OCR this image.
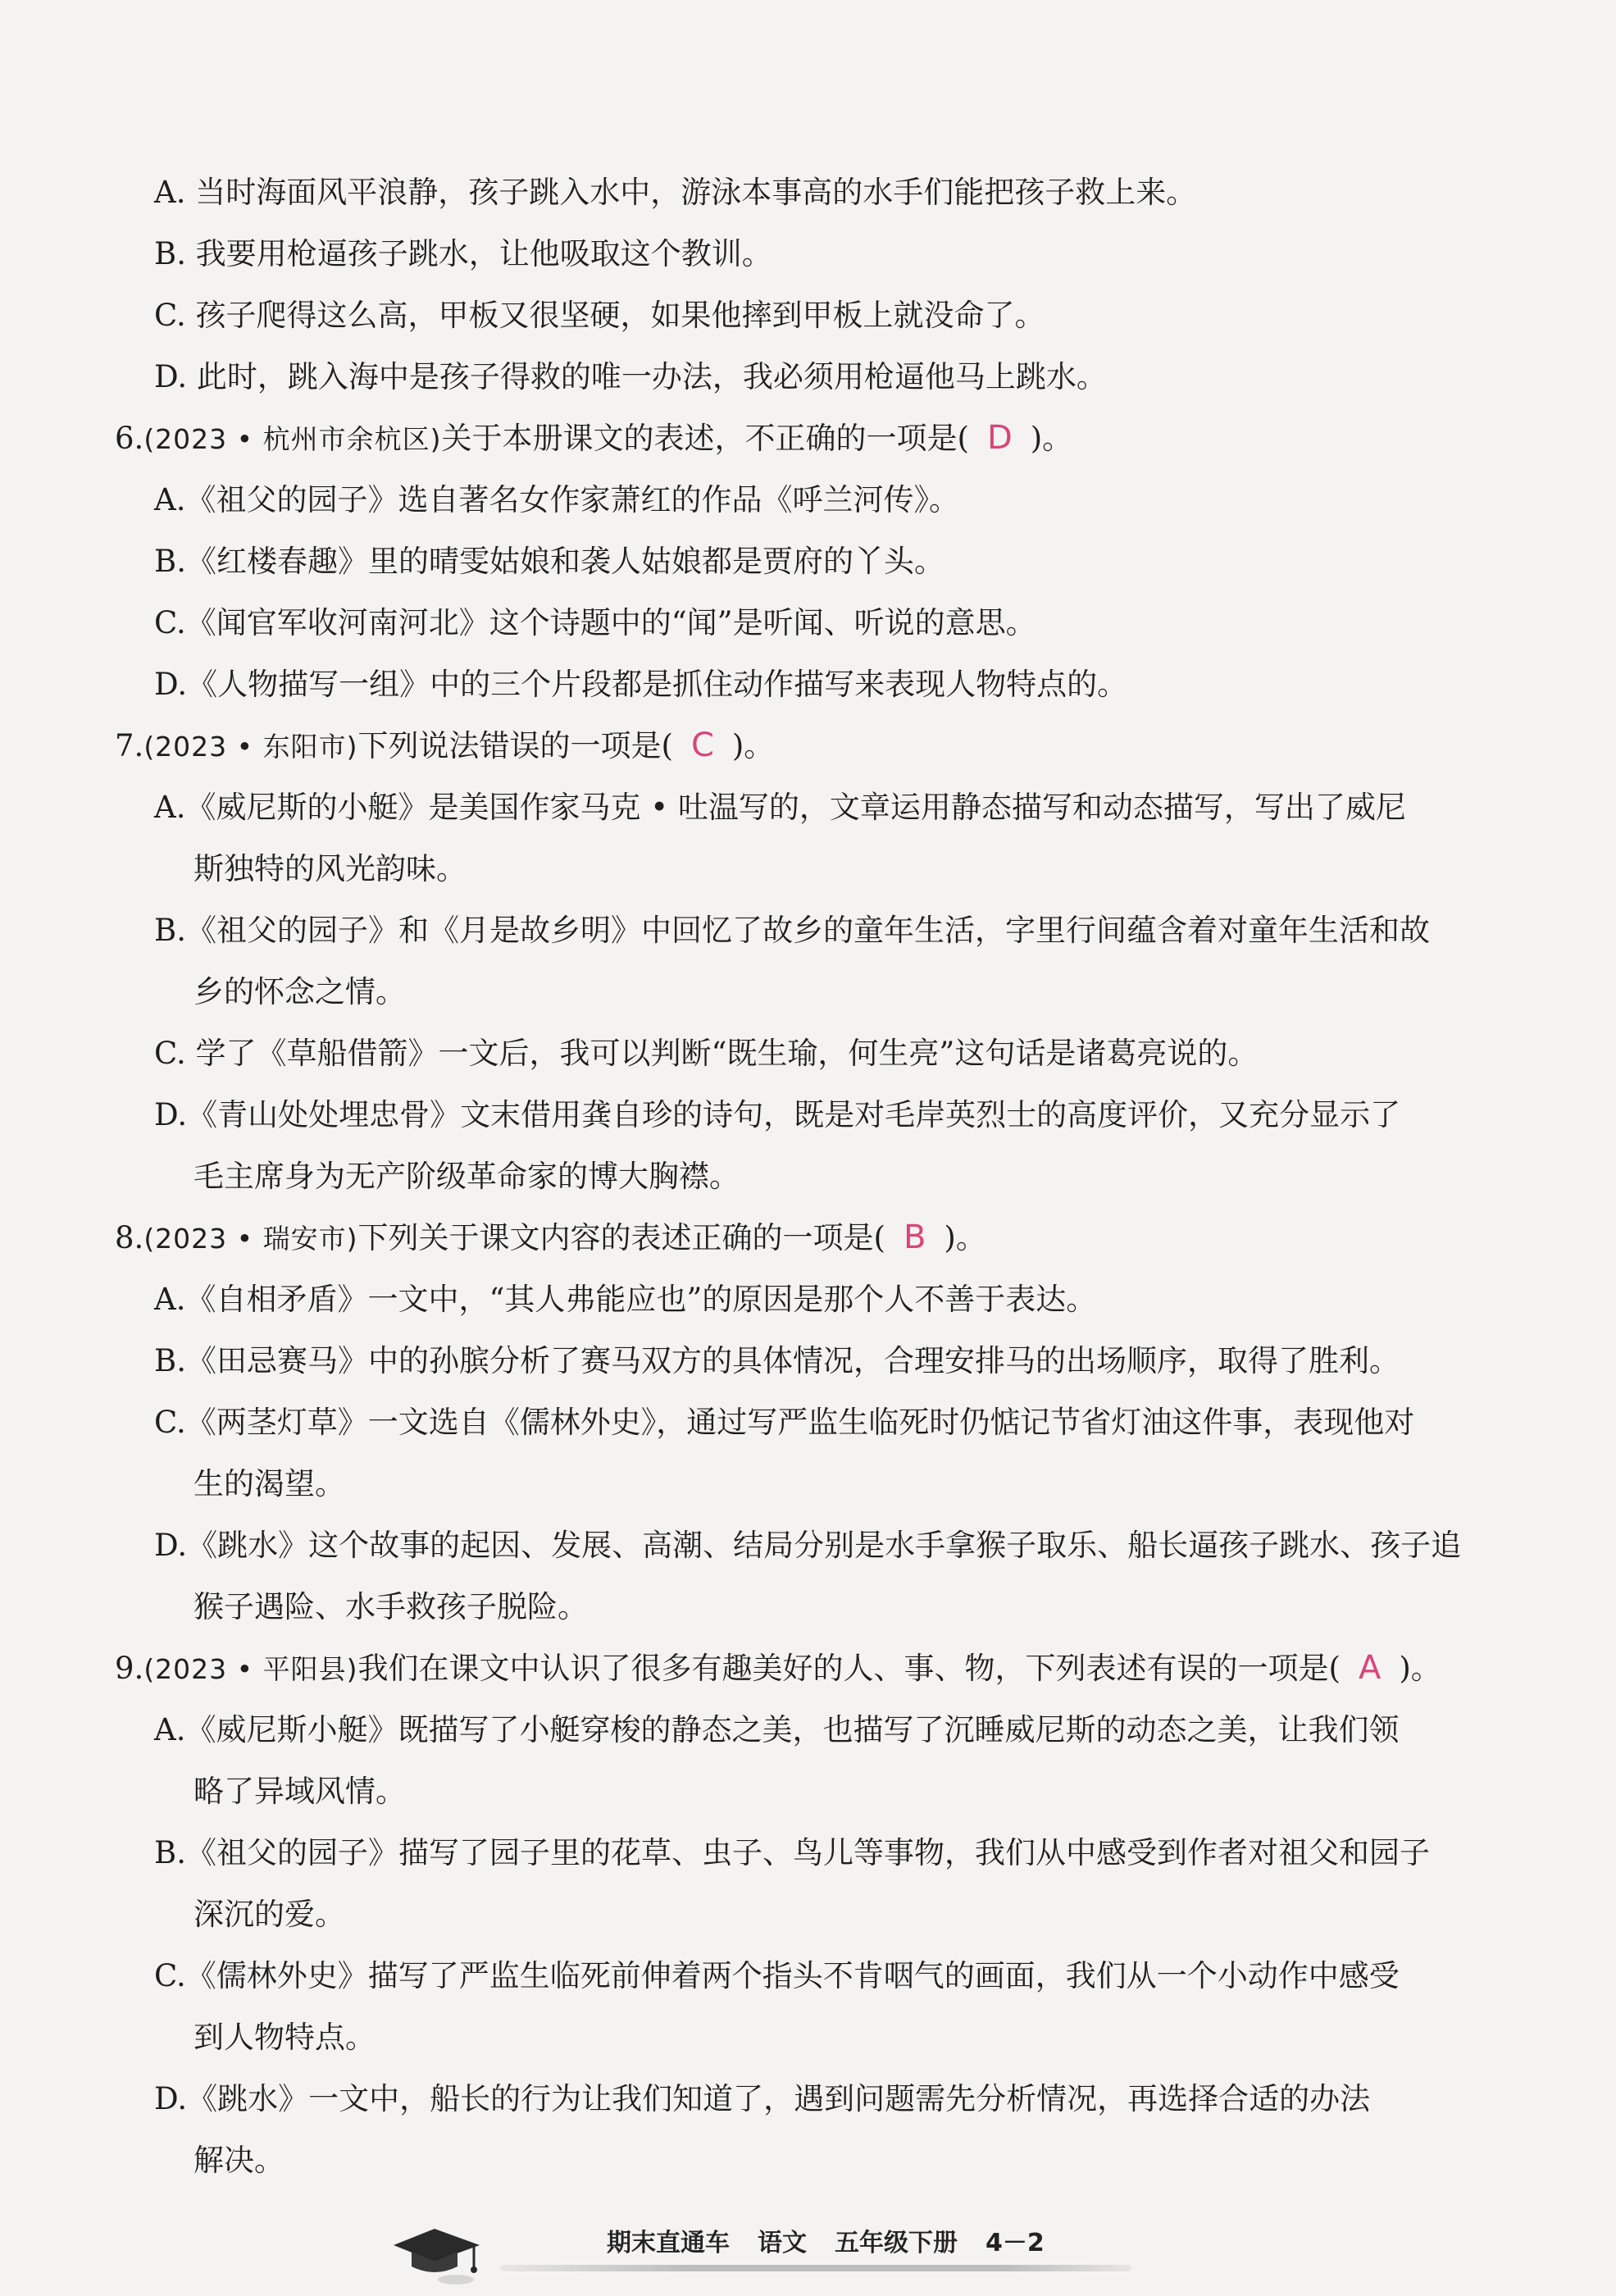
A. 当时海面风平浪静，孩子跳入水中，游泳本事高的水手们能把孩子救上来。
B. 我要用枪逼孩子跳水，让他吸取这个教训。
C. 孩子爬得这么高，甲板又很坚硬，如果他摔到甲板上就没命了。
D. 此时，跳入海中是孩子得救的唯一办法，我必须用枪逼他马上跳水。
6.(2023 • 杭州市余杭区)关于本册课文的表述，不正确的一项是( D )。
A.《祖父的园子》选自著名女作家萧红的作品《呼兰河传》。
B.《红楼春趣》里的晴雯姑娘和袭人姑娘都是贾府的丫头。
C.《闻官军收河南河北》这个诗题中的“闻”是听闻、听说的意思。
D.《人物描写一组》中的三个片段都是抓住动作描写来表现人物特点的。
7.(2023 • 东阳市)下列说法错误的一项是( C )。
A.《威尼斯的小艇》是美国作家马克 • 吐温写的，文章运用静态描写和动态描写，写出了威尼
斯独特的风光韵味。
B.《祖父的园子》和《月是故乡明》中回忆了故乡的童年生活，字里行间蕴含着对童年生活和故
乡的怀念之情。
C. 学了《草船借箭》一文后，我可以判断“既生瑜，何生亮”这句话是诸葛亮说的。
D.《青山处处埋忠骨》文末借用龚自珍的诗句，既是对毛岸英烈士的高度评价，又充分显示了
毛主席身为无产阶级革命家的博大胸襟。
8.(2023 • 瑞安市)下列关于课文内容的表述正确的一项是( B )。
A.《自相矛盾》一文中，“其人弗能应也”的原因是那个人不善于表达。
B.《田忌赛马》中的孙膑分析了赛马双方的具体情况，合理安排马的出场顺序，取得了胜利。
C.《两茎灯草》一文选自《儒林外史》，通过写严监生临死时仍惦记节省灯油这件事，表现他对
生的渴望。
D.《跳水》这个故事的起因、发展、高潮、结局分别是水手拿猴子取乐、船长逼孩子跳水、孩子追
猴子遇险、水手救孩子脱险。
9.(2023 • 平阳县)我们在课文中认识了很多有趣美好的人、事、物，下列表述有误的一项是( A )。
A.《威尼斯小艇》既描写了小艇穿梭的静态之美，也描写了沉睡威尼斯的动态之美，让我们领
略了异域风情。
B.《祖父的园子》描写了园子里的花草、虫子、鸟儿等事物，我们从中感受到作者对祖父和园子
深沉的爱。
C.《儒林外史》描写了严监生临死前伸着两个指头不肯咽气的画面，我们从一个小动作中感受
到人物特点。
D.《跳水》一文中，船长的行为让我们知道了，遇到问题需先分析情况，再选择合适的办法
解决。
期末直通车 语文 五年级下册 4－2
